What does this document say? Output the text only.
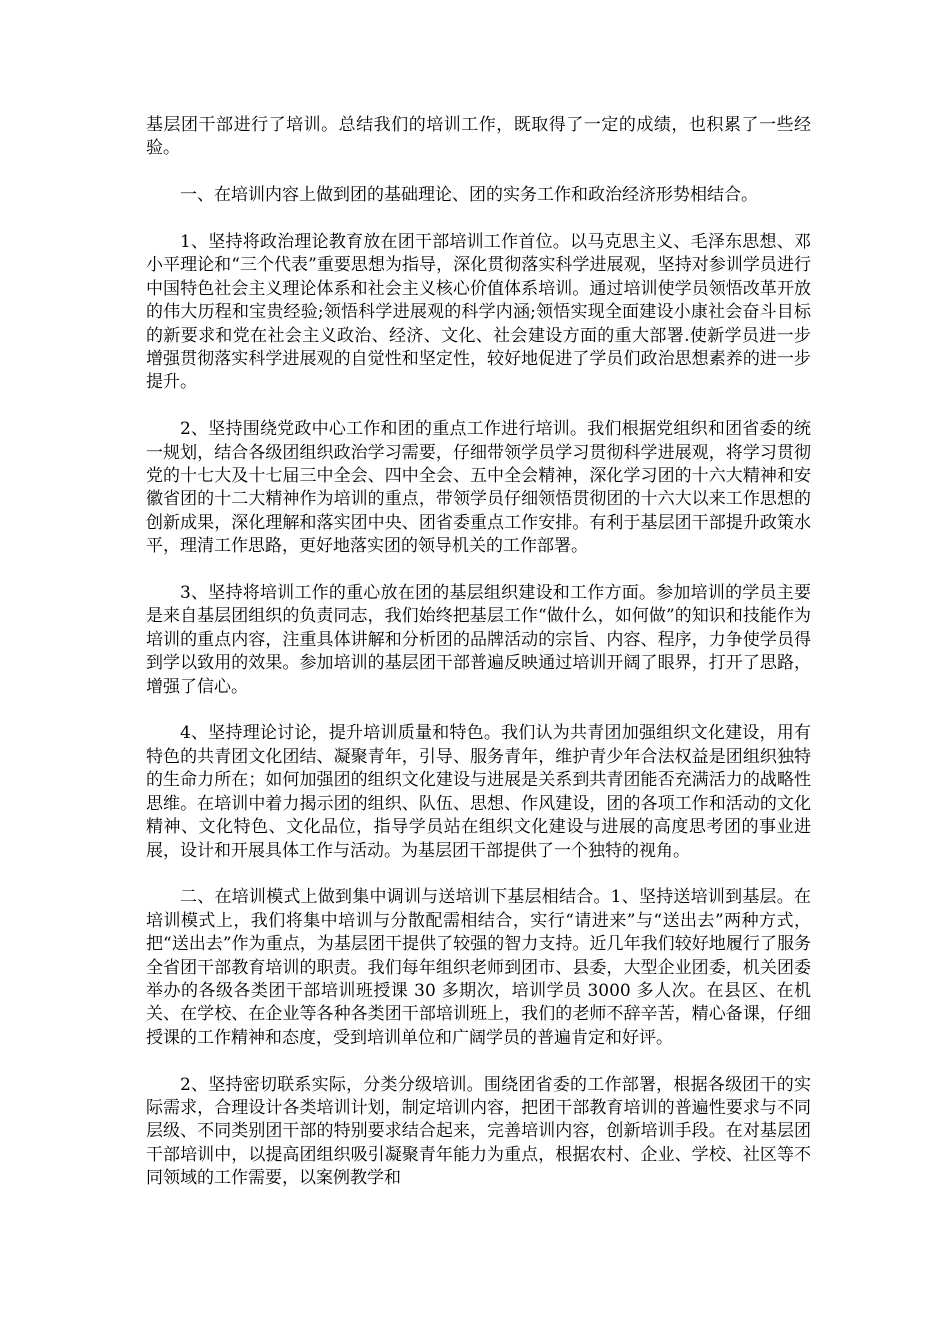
基层团干部进行了培训。总结我们的培训工作，既取得了一定的成绩，也积累了一些经验。

一、在培训内容上做到团的基础理论、团的实务工作和政治经济形势相结合。

1、坚持将政治理论教育放在团干部培训工作首位。以马克思主义、毛泽东思想、邓小平理论和“三个代表”重要思想为指导，深化贯彻落实科学进展观，坚持对参训学员进行中国特色社会主义理论体系和社会主义核心价值体系培训。通过培训使学员领悟改革开放的伟大历程和宝贵经验;领悟科学进展观的科学内涵;领悟实现全面建设小康社会奋斗目标的新要求和党在社会主义政治、经济、文化、社会建设方面的重大部署.使新学员进一步增强贯彻落实科学进展观的自觉性和坚定性，较好地促进了学员们政治思想素养的进一步提升。

2、坚持围绕党政中心工作和团的重点工作进行培训。我们根据党组织和团省委的统一规划，结合各级团组织政治学习需要，仔细带领学员学习贯彻科学进展观，将学习贯彻党的十七大及十七届三中全会、四中全会、五中全会精神，深化学习团的十六大精神和安徽省团的十二大精神作为培训的重点，带领学员仔细领悟贯彻团的十六大以来工作思想的创新成果，深化理解和落实团中央、团省委重点工作安排。有利于基层团干部提升政策水平，理清工作思路，更好地落实团的领导机关的工作部署。

3、坚持将培训工作的重心放在团的基层组织建设和工作方面。参加培训的学员主要是来自基层团组织的负责同志，我们始终把基层工作“做什么，如何做”的知识和技能作为培训的重点内容，注重具体讲解和分析团的品牌活动的宗旨、内容、程序，力争使学员得到学以致用的效果。参加培训的基层团干部普遍反映通过培训开阔了眼界，打开了思路，增强了信心。

4、坚持理论讨论，提升培训质量和特色。我们认为共青团加强组织文化建设，用有特色的共青团文化团结、凝聚青年，引导、服务青年，维护青少年合法权益是团组织独特的生命力所在；如何加强团的组织文化建设与进展是关系到共青团能否充满活力的战略性思维。在培训中着力揭示团的组织、队伍、思想、作风建设，团的各项工作和活动的文化精神、文化特色、文化品位，指导学员站在组织文化建设与进展的高度思考团的事业进展，设计和开展具体工作与活动。为基层团干部提供了一个独特的视角。

二、在培训模式上做到集中调训与送培训下基层相结合。1、坚持送培训到基层。在培训模式上，我们将集中培训与分散配需相结合，实行“请进来”与“送出去”两种方式，把“送出去”作为重点，为基层团干提供了较强的智力支持。近几年我们较好地履行了服务全省团干部教育培训的职责。我们每年组织老师到团市、县委，大型企业团委，机关团委举办的各级各类团干部培训班授课 30 多期次，培训学员 3000 多人次。在县区、在机关、在学校、在企业等各种各类团干部培训班上，我们的老师不辞辛苦，精心备课，仔细授课的工作精神和态度，受到培训单位和广阔学员的普遍肯定和好评。

2、坚持密切联系实际，分类分级培训。围绕团省委的工作部署，根据各级团干的实际需求，合理设计各类培训计划，制定培训内容，把团干部教育培训的普遍性要求与不同层级、不同类别团干部的特别要求结合起来，完善培训内容，创新培训手段。在对基层团干部培训中，以提高团组织吸引凝聚青年能力为重点，根据农村、企业、学校、社区等不同领域的工作需要，以案例教学和
